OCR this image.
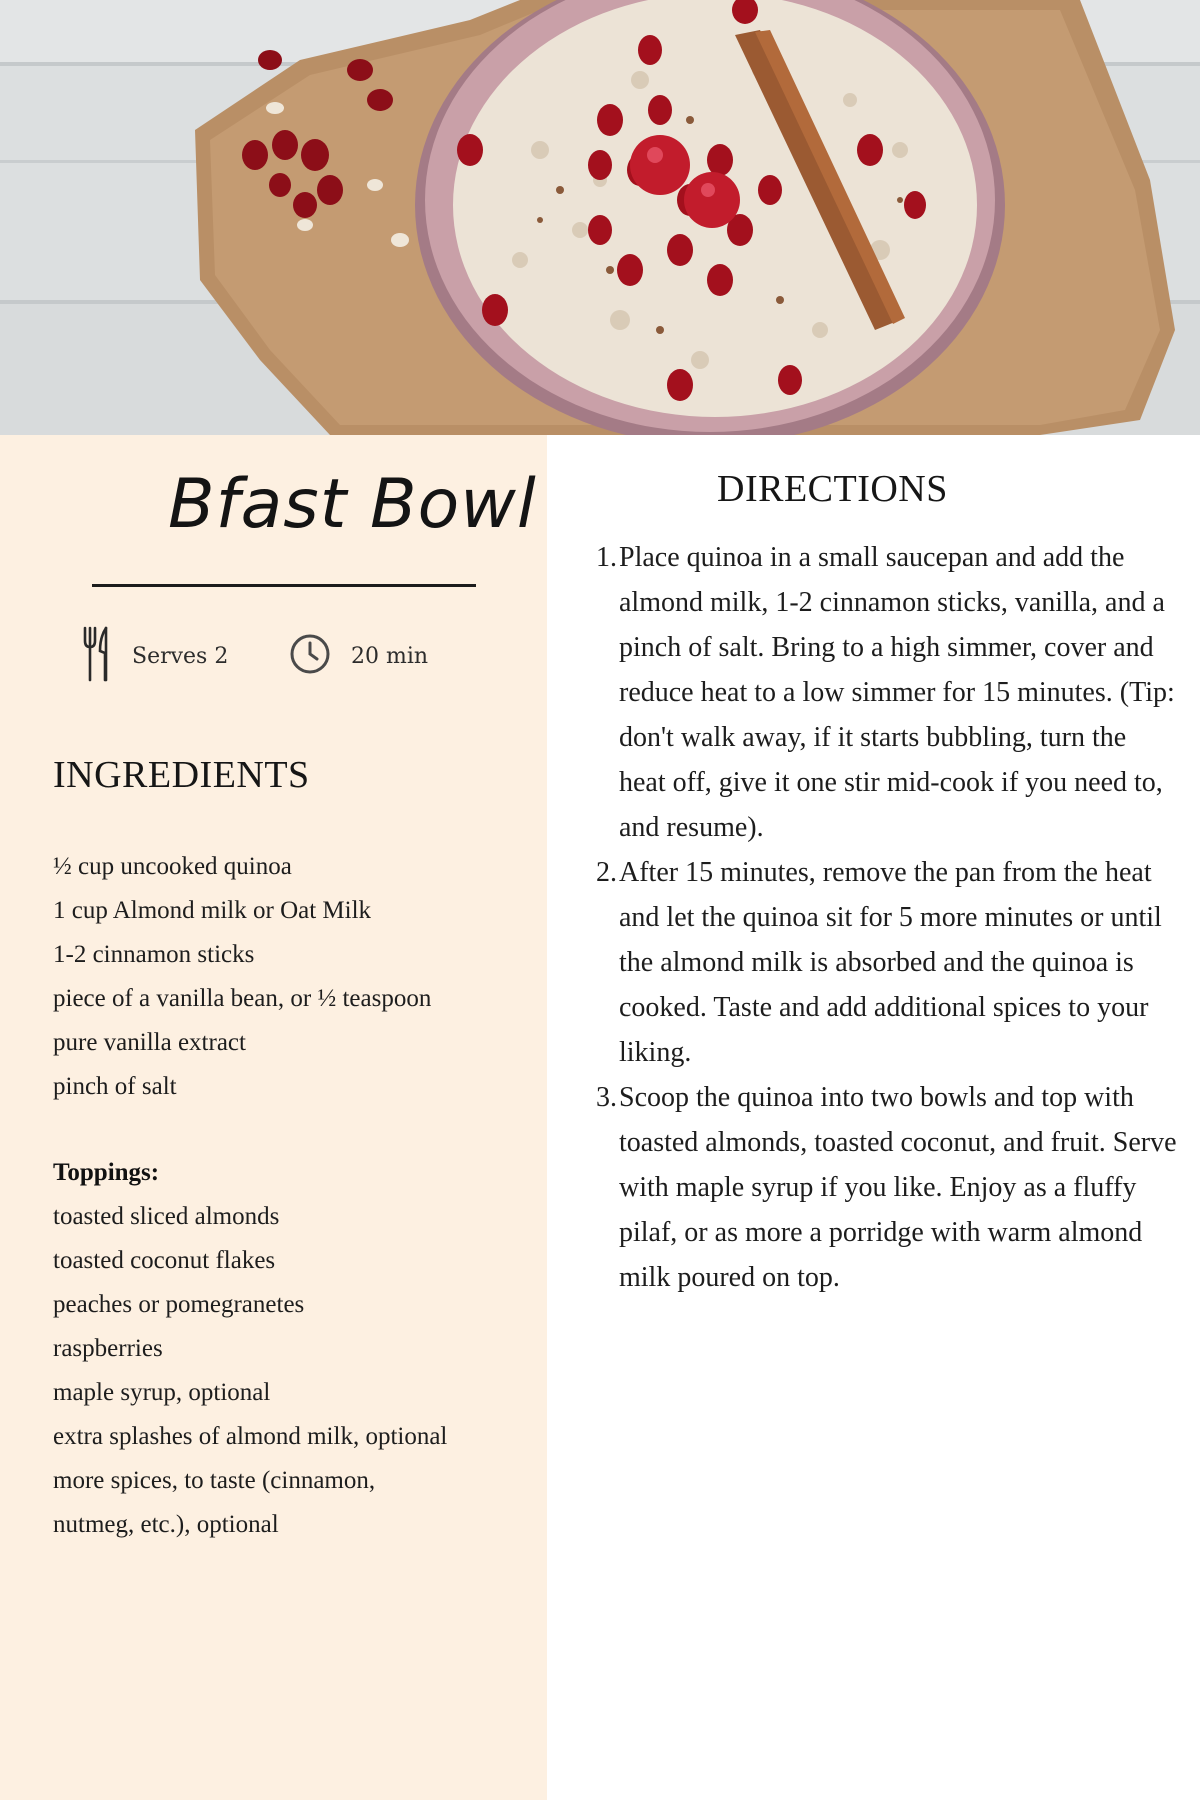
Bfast Bowl
Serves 2	20 min
INGREDIENTS
½ cup uncooked quinoa
1 cup Almond milk or Oat Milk
1-2 cinnamon sticks
piece of a vanilla bean, or ½ teaspoon
pure vanilla extract
pinch of salt
Toppings:
toasted sliced almonds
toasted coconut flakes
peaches or pomegranetes
raspberries
maple syrup, optional
extra splashes of almond milk, optional
more spices, to taste (cinnamon,
nutmeg, etc.), optional
DIRECTIONS
1. Place quinoa in a small saucepan and add the almond milk, 1-2 cinnamon sticks, vanilla, and a pinch of salt. Bring to a high simmer, cover and reduce heat to a low simmer for 15 minutes. (Tip: don't walk away, if it starts bubbling, turn the heat off, give it one stir mid-cook if you need to, and resume).
2. After 15 minutes, remove the pan from the heat and let the quinoa sit for 5 more minutes or until the almond milk is absorbed and the quinoa is cooked. Taste and add additional spices to your liking.
3. Scoop the quinoa into two bowls and top with toasted almonds, toasted coconut, and fruit. Serve with maple syrup if you like. Enjoy as a fluffy pilaf, or as more a porridge with warm almond milk poured on top.
